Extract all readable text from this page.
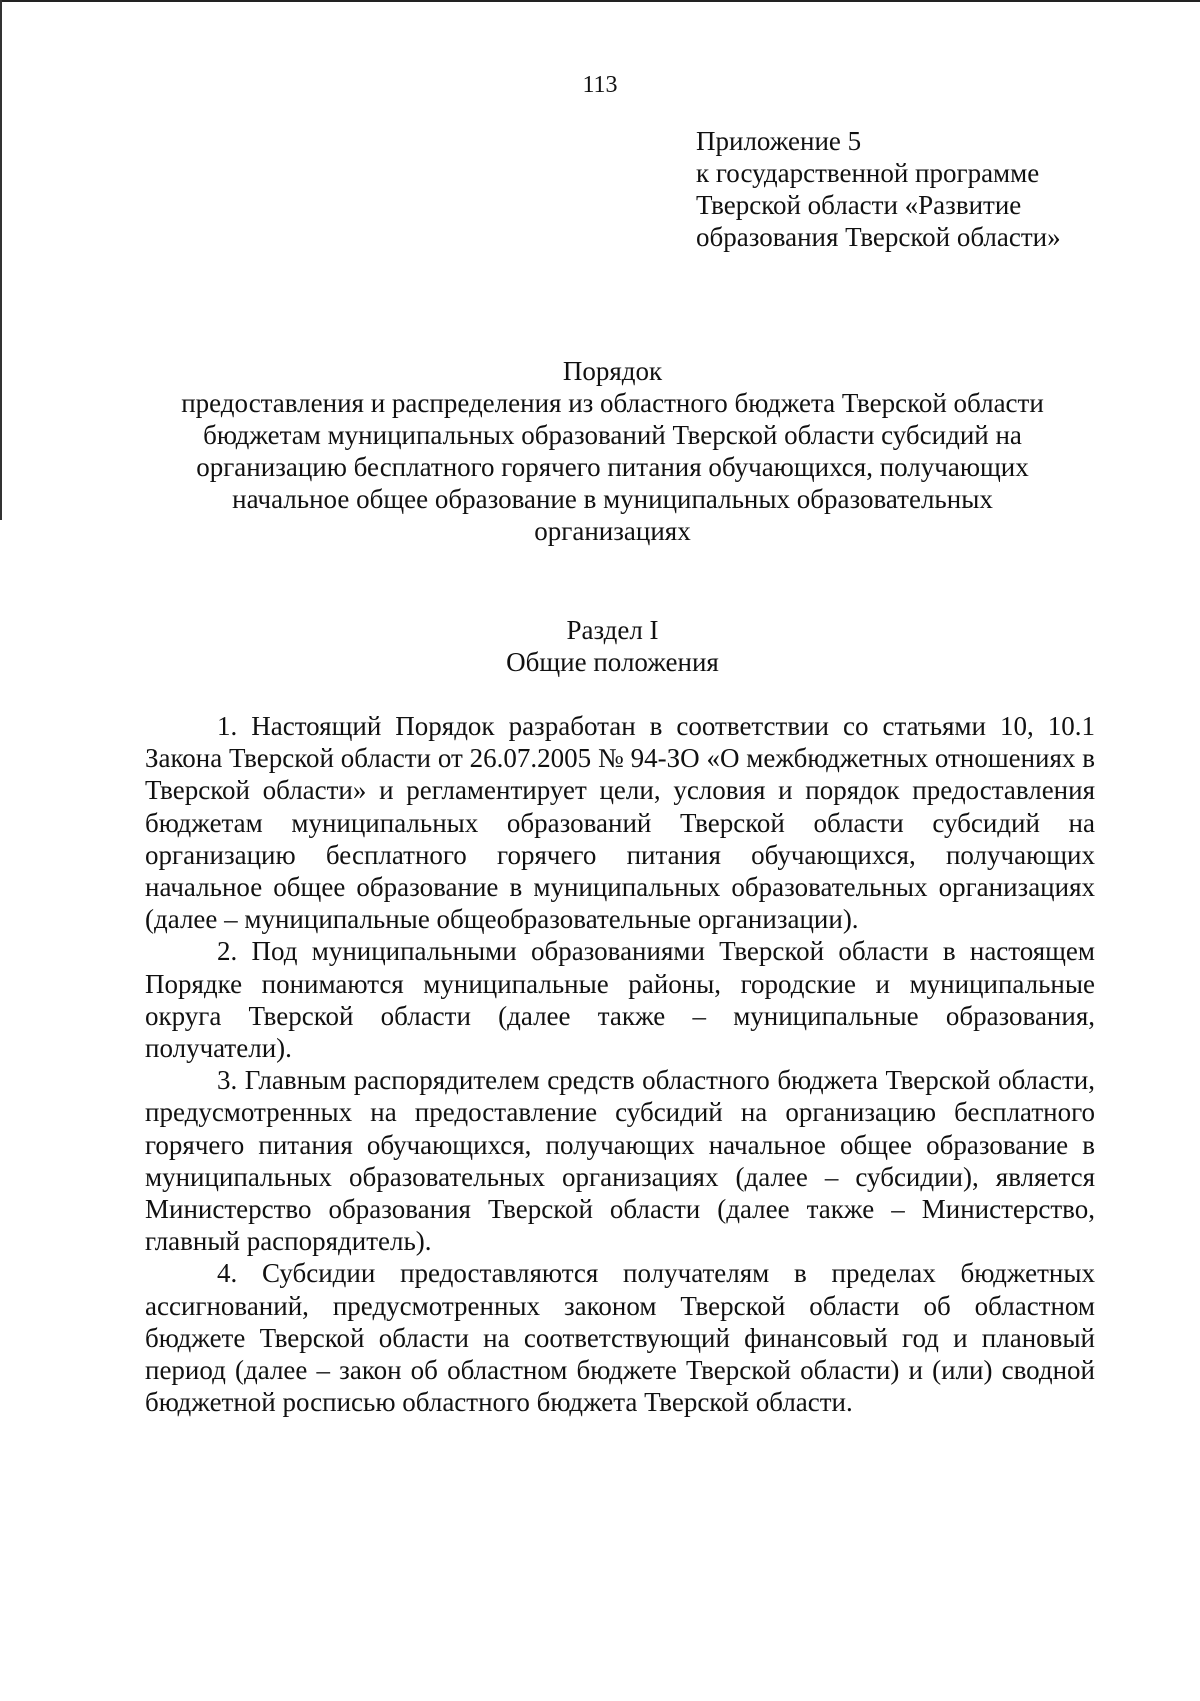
113
Приложение 5
к государственной программе
Тверской области «Развитие
образования Тверской области»
Порядок
предоставления и распределения из областного бюджета Тверской области
бюджетам муниципальных образований Тверской области субсидий на
организацию бесплатного горячего питания обучающихся, получающих
начальное общее образование в муниципальных образовательных
организациях
Раздел I
Общие положения

1. Настоящий Порядок разработан в соответствии со статьями 10, 10.1 Закона Тверской области от 26.07.2005 № 94-ЗО «О межбюджетных отношениях в Тверской области» и регламентирует цели, условия и порядок предоставления бюджетам муниципальных образований Тверской области субсидий на организацию бесплатного горячего питания обучающихся, получающих начальное общее образование в муниципальных образовательных организациях (далее – муниципальные общеобразовательные организации).

2. Под муниципальными образованиями Тверской области в настоящем Порядке понимаются муниципальные районы, городские и муниципальные округа Тверской области (далее также – муниципальные образования, получатели).

3. Главным распорядителем средств областного бюджета Тверской области, предусмотренных на предоставление субсидий на организацию бесплатного горячего питания обучающихся, получающих начальное общее образование в муниципальных образовательных организациях (далее – субсидии), является Министерство образования Тверской области (далее также – Министерство, главный распорядитель).

4. Субсидии предоставляются получателям в пределах бюджетных ассигнований, предусмотренных законом Тверской области об областном бюджете Тверской области на соответствующий финансовый год и плановый период (далее – закон об областном бюджете Тверской области) и (или) сводной бюджетной росписью областного бюджета Тверской области.
